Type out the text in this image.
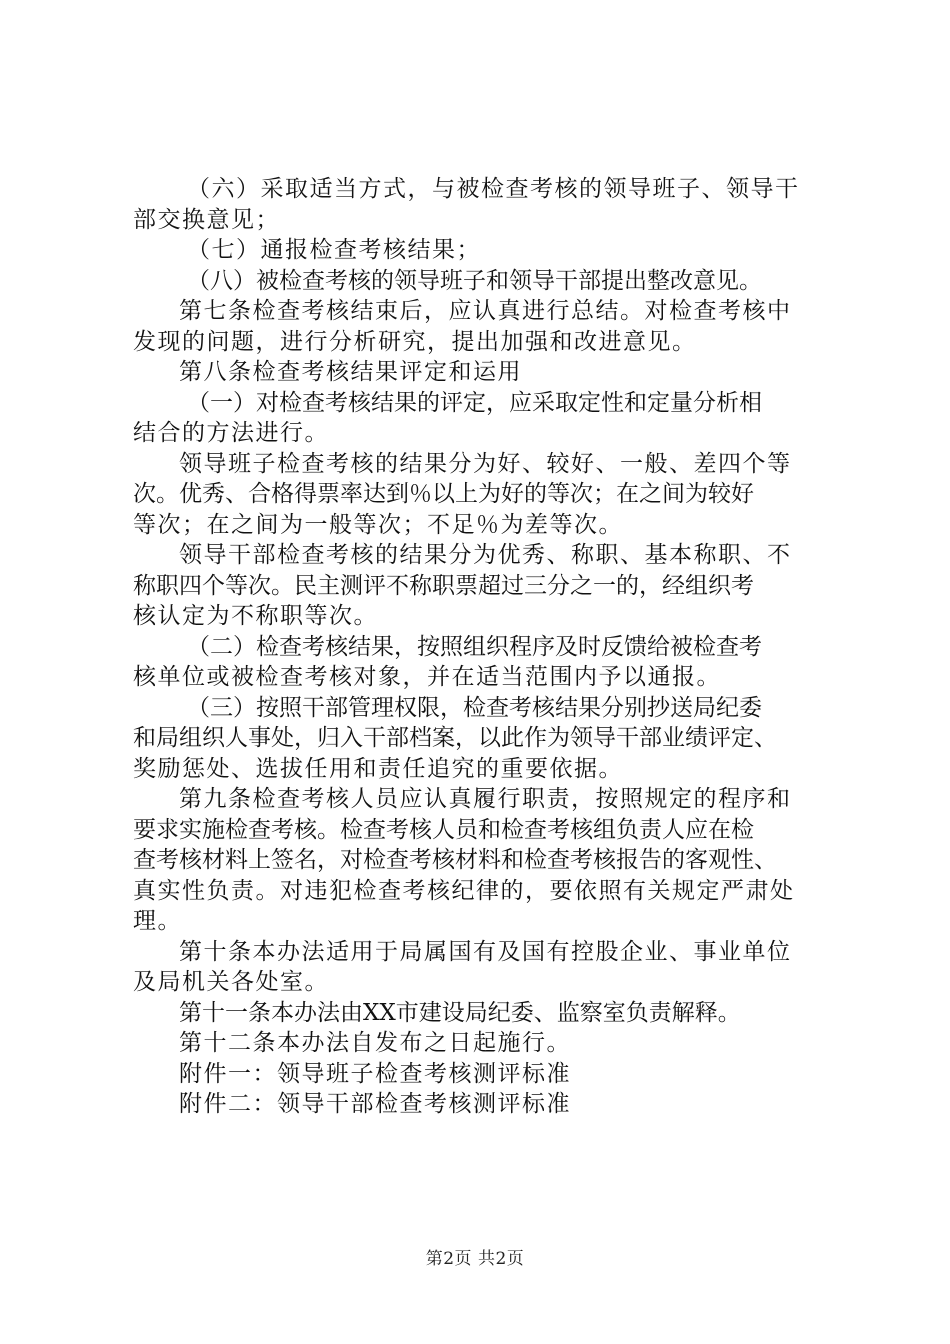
（六）采取适当方式，与被检查考核的领导班子、领导干
部交换意见；
（七）通报检查考核结果；
（八）被检查考核的领导班子和领导干部提出整改意见。
第七条检查考核结束后，应认真进行总结。对检查考核中
发现的问题，进行分析研究，提出加强和改进意见。
第八条检查考核结果评定和运用
（一）对检查考核结果的评定，应采取定性和定量分析相
结合的方法进行。
领导班子检查考核的结果分为好、较好、一般、差四个等
次。优秀、合格得票率达到％以上为好的等次；在之间为较好
等次；在之间为一般等次；不足％为差等次。
领导干部检查考核的结果分为优秀、称职、基本称职、不
称职四个等次。民主测评不称职票超过三分之一的，经组织考
核认定为不称职等次。
（二）检查考核结果，按照组织程序及时反馈给被检查考
核单位或被检查考核对象，并在适当范围内予以通报。
（三）按照干部管理权限，检查考核结果分别抄送局纪委
和局组织人事处，归入干部档案，以此作为领导干部业绩评定、
奖励惩处、选拔任用和责任追究的重要依据。
第九条检查考核人员应认真履行职责，按照规定的程序和
要求实施检查考核。检查考核人员和检查考核组负责人应在检
查考核材料上签名，对检查考核材料和检查考核报告的客观性、
真实性负责。对违犯检查考核纪律的，要依照有关规定严肃处
理。
第十条本办法适用于局属国有及国有控股企业、事业单位
及局机关各处室。
第十一条本办法由XX市建设局纪委、监察室负责解释。
第十二条本办法自发布之日起施行。
附件一：领导班子检查考核测评标准
附件二：领导干部检查考核测评标准
第2页 共2页
